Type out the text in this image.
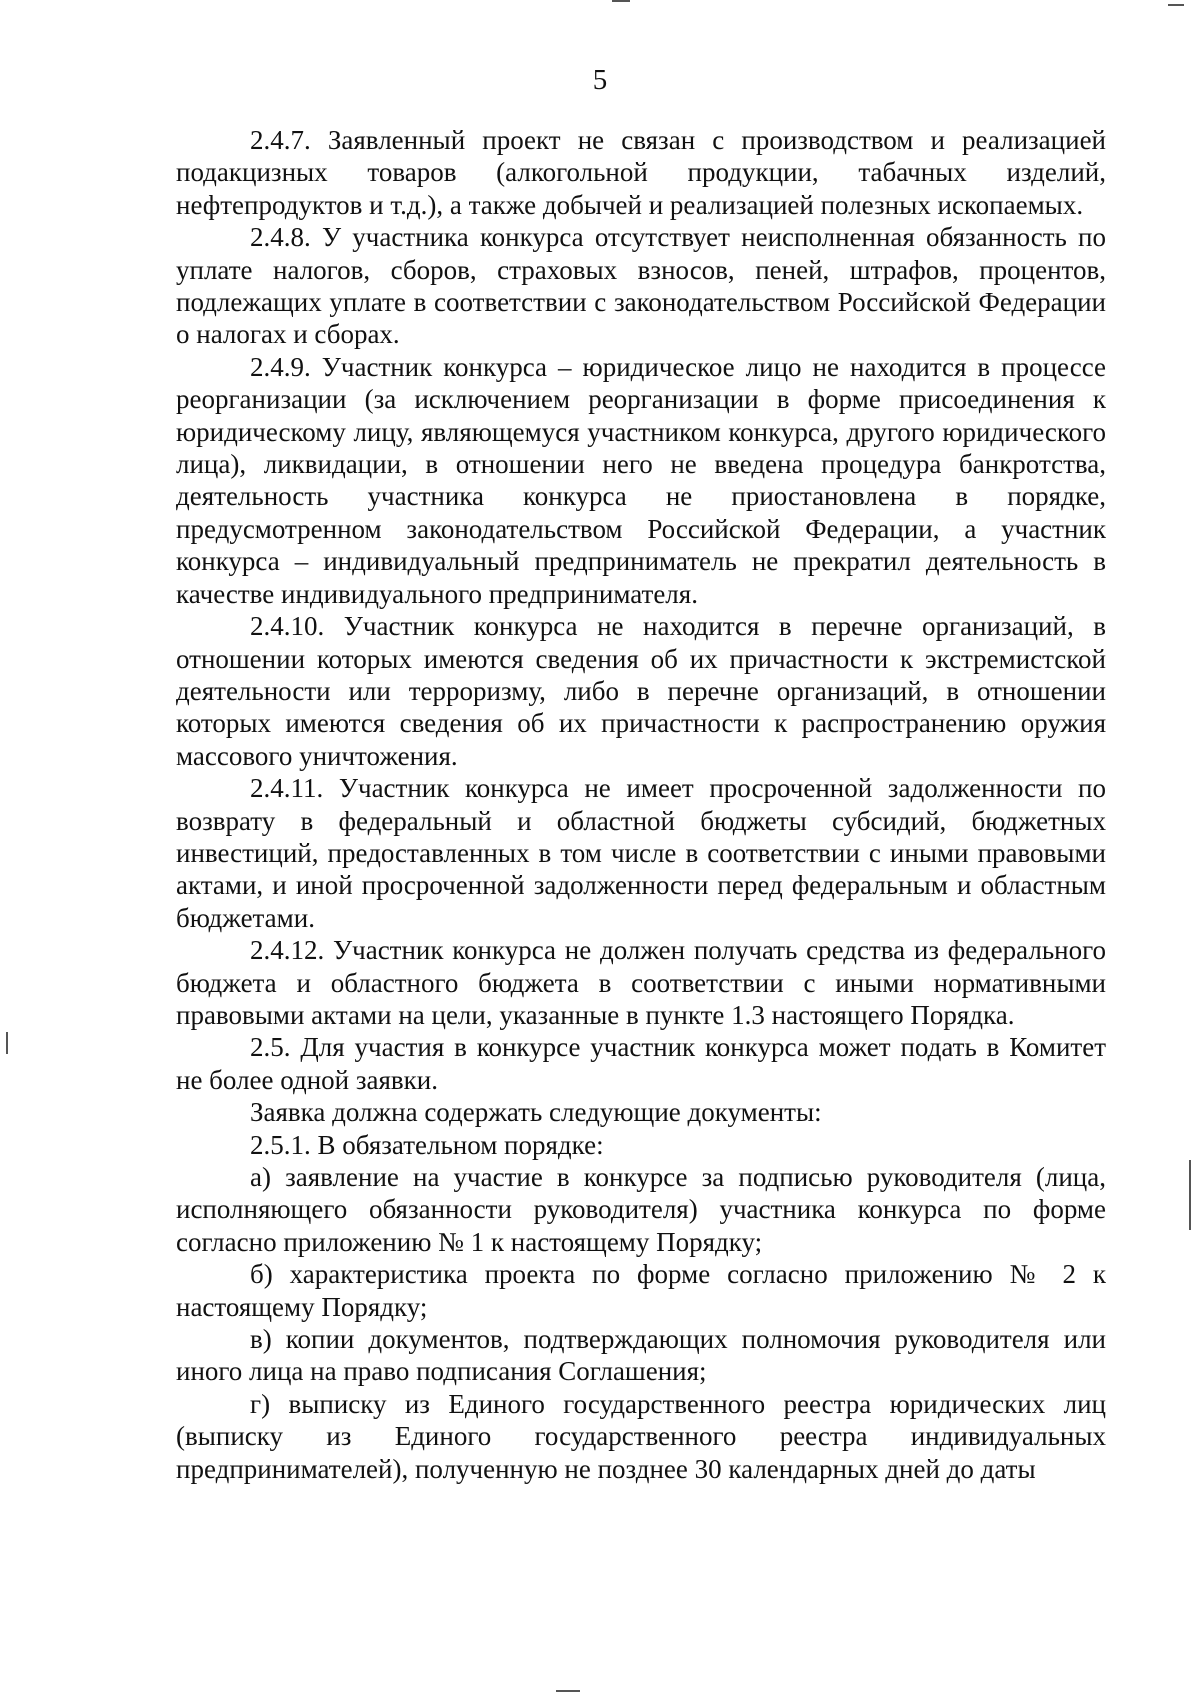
5

2.4.7. Заявленный проект не связан с производством и реализацией подакцизных товаров (алкогольной продукции, табачных изделий, нефтепродуктов и т.д.), а также добычей и реализацией полезных ископаемых.

2.4.8. У участника конкурса отсутствует неисполненная обязанность по уплате налогов, сборов, страховых взносов, пеней, штрафов, процентов, подлежащих уплате в соответствии с законодательством Российской Федерации о налогах и сборах.

2.4.9. Участник конкурса – юридическое лицо не находится в процессе реорганизации (за исключением реорганизации в форме присоединения к юридическому лицу, являющемуся участником конкурса, другого юридического лица), ликвидации, в отношении него не введена процедура банкротства, деятельность участника конкурса не приостановлена в порядке, предусмотренном законодательством Российской Федерации, а участник конкурса – индивидуальный предприниматель не прекратил деятельность в качестве индивидуального предпринимателя.

2.4.10. Участник конкурса не находится в перечне организаций, в отношении которых имеются сведения об их причастности к экстремистской деятельности или терроризму, либо в перечне организаций, в отношении которых имеются сведения об их причастности к распространению оружия массового уничтожения.

2.4.11. Участник конкурса не имеет просроченной задолженности по возврату в федеральный и областной бюджеты субсидий, бюджетных инвестиций, предоставленных в том числе в соответствии с иными правовыми актами, и иной просроченной задолженности перед федеральным и областным бюджетами.

2.4.12. Участник конкурса не должен получать средства из федерального бюджета и областного бюджета в соответствии с иными нормативными правовыми актами на цели, указанные в пункте 1.3 настоящего Порядка.

2.5. Для участия в конкурсе участник конкурса может подать в Комитет не более одной заявки.

Заявка должна содержать следующие документы:

2.5.1. В обязательном порядке:

а) заявление на участие в конкурсе за подписью руководителя (лица, исполняющего обязанности руководителя) участника конкурса по форме согласно приложению № 1 к настоящему Порядку;

б) характеристика проекта по форме согласно приложению № 2 к настоящему Порядку;

в) копии документов, подтверждающих полномочия руководителя или иного лица на право подписания Соглашения;

г) выписку из Единого государственного реестра юридических лиц (выписку из Единого государственного реестра индивидуальных предпринимателей), полученную не позднее 30 календарных дней до даты
